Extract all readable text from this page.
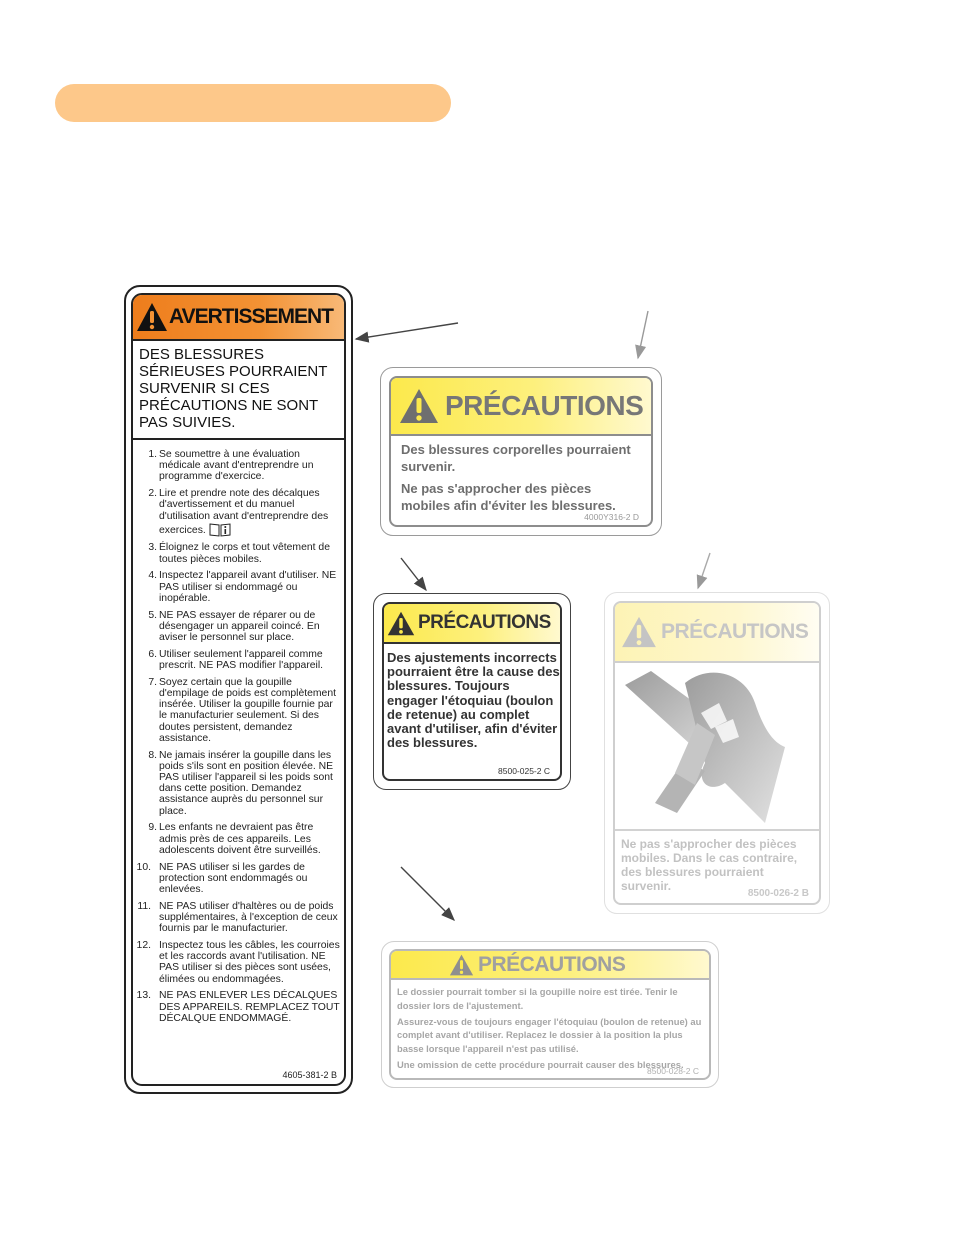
AVERTISSEMENT
DES BLESSURES SÉRIEUSES POURRAIENT SURVENIR SI CES PRÉCAUTIONS NE SONT PAS SUIVIES.
1. Se soumettre à une évaluation médicale avant d'entreprendre un programme d'exercice.
2. Lire et prendre note des décalques d'avertissement et du manuel d'utilisation avant d'entreprendre des exercices.
3. Éloignez le corps et tout vêtement de toutes pièces mobiles.
4. Inspectez l'appareil avant d'utiliser. NE PAS utiliser si endommagé ou inopérable.
5. NE PAS essayer de réparer ou de désengager un appareil coincé. En aviser le personnel sur place.
6. Utiliser seulement l'appareil comme prescrit. NE PAS modifier l'appareil.
7. Soyez certain que la goupille d'empilage de poids est complètement insérée. Utiliser la goupille fournie par le manufacturier seulement. Si des doutes persistent, demandez assistance.
8. Ne jamais insérer la goupille dans les poids s'ils sont en position élevée. NE PAS utiliser l'appareil si les poids sont dans cette position. Demandez assistance auprès du personnel sur place.
9. Les enfants ne devraient pas être admis près de ces appareils. Les adolescents doivent être surveillés.
10. NE PAS utiliser si les gardes de protection sont endommagés ou enlevées.
11. NE PAS utiliser d'haltères ou de poids supplémentaires, à l'exception de ceux fournis par le manufacturier.
12. Inspectez tous les câbles, les courroies et les raccords avant l'utilisation. NE PAS utiliser si des pièces sont usées, élimées ou endommagées.
13. NE PAS ENLEVER LES DÉCALQUES DES APPAREILS. REMPLACEZ TOUT DÉCALQUE ENDOMMAGÉ.
4605-381-2 B
PRÉCAUTIONS

Des blessures corporelles pourraient survenir.

Ne pas s'approcher des pièces mobiles afin d'éviter les blessures.

4000Y316-2 D
PRÉCAUTIONS
Des ajustements incorrects pourraient être la cause des blessures. Toujours engager l'étoquiau (boulon de retenue) au complet avant d'utiliser, afin d'éviter des blessures.
8500-025-2 C
PRÉCAUTIONS
Ne pas s'approcher des pièces mobiles. Dans le cas contraire, des blessures pourraient survenir.
8500-026-2 B
PRÉCAUTIONS

Le dossier pourrait tomber si la goupille noire est tirée. Tenir le dossier lors de l'ajustement.

Assurez-vous de toujours engager l'étoquiau (boulon de retenue) au complet avant d'utiliser. Replacez le dossier à la position la plus basse lorsque l'appareil n'est pas utilisé.

Une omission de cette procédure pourrait causer des blessures.

8500-028-2 C
